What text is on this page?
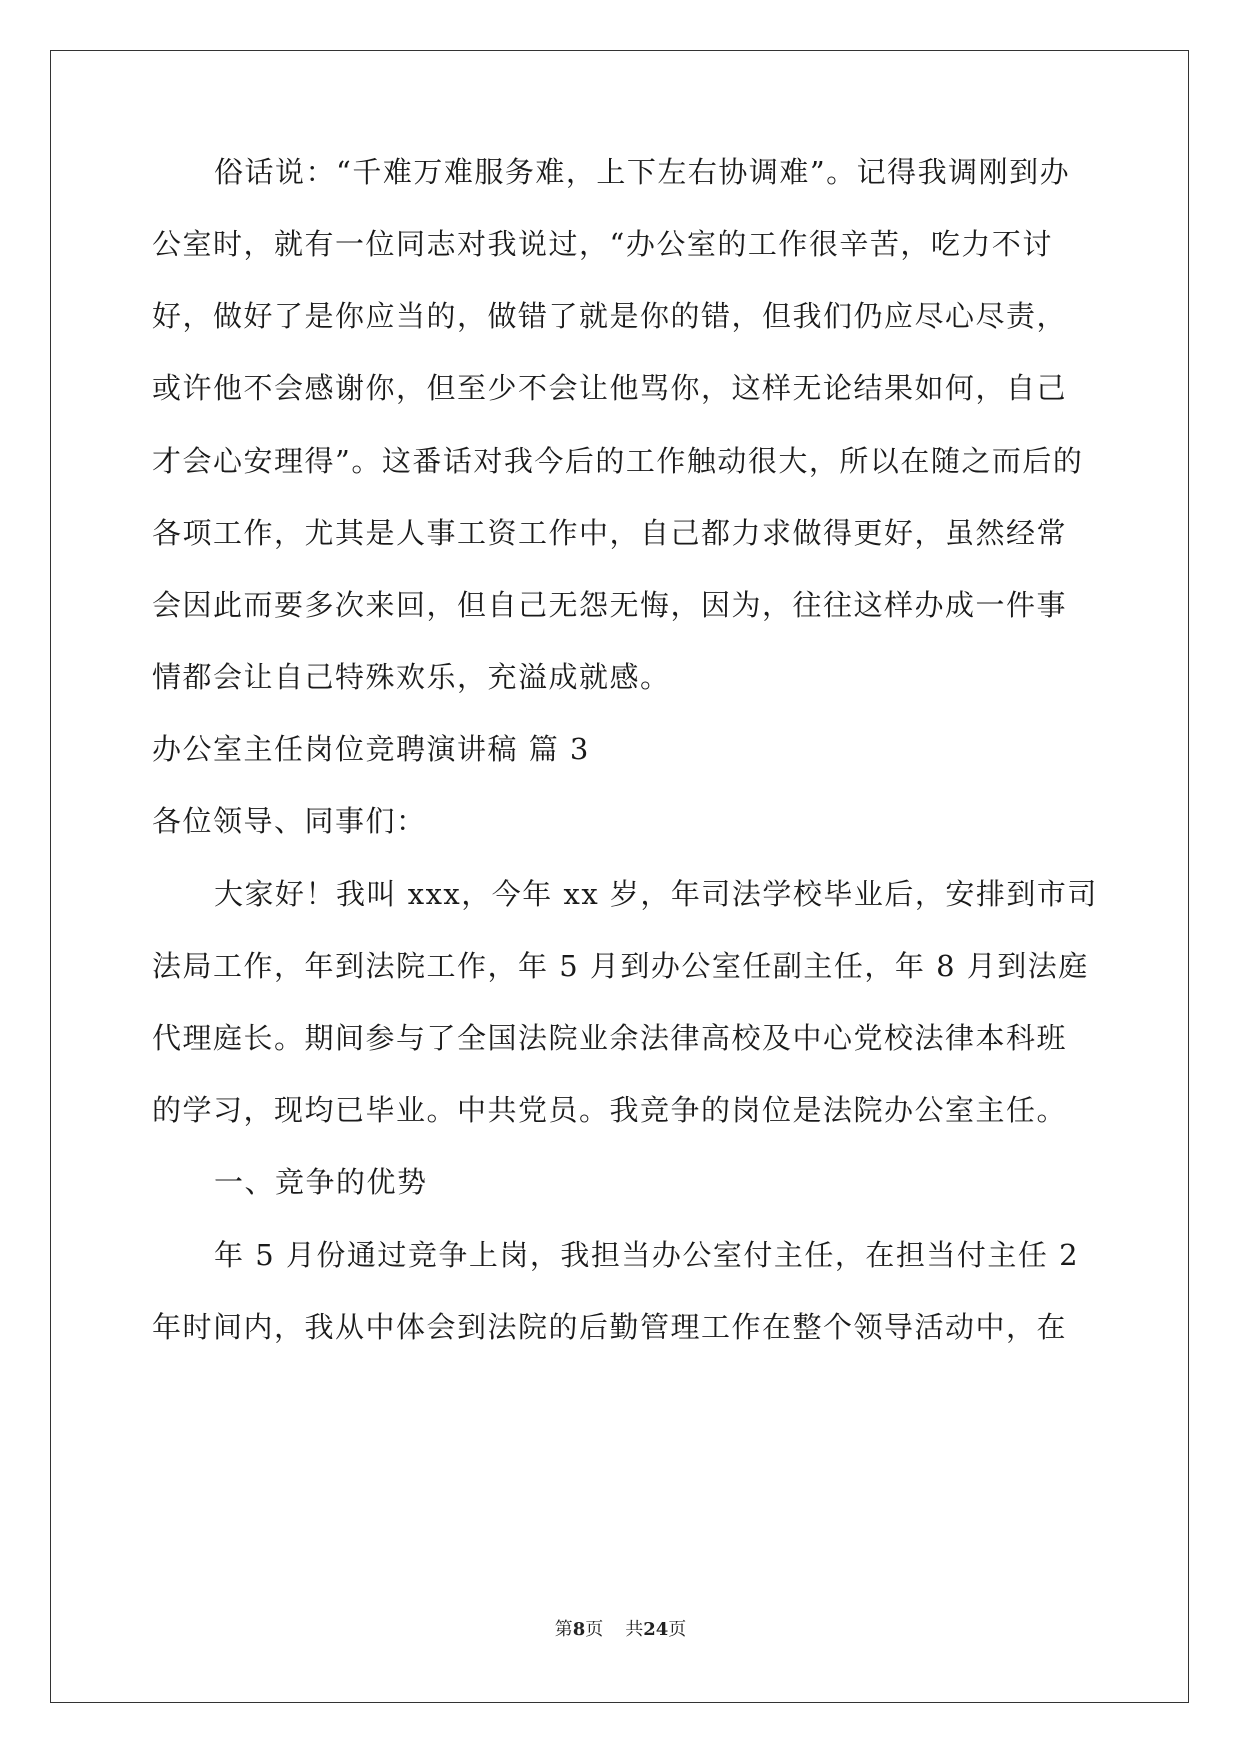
俗话说：“千难万难服务难，上下左右协调难”。记得我调刚到办
公室时，就有一位同志对我说过，“办公室的工作很辛苦，吃力不讨
好，做好了是你应当的，做错了就是你的错，但我们仍应尽心尽责，
或许他不会感谢你，但至少不会让他骂你，这样无论结果如何，自己
才会心安理得”。这番话对我今后的工作触动很大，所以在随之而后的
各项工作，尤其是人事工资工作中，自己都力求做得更好，虽然经常
会因此而要多次来回，但自己无怨无悔，因为，往往这样办成一件事
情都会让自己特殊欢乐，充溢成就感。
办公室主任岗位竞聘演讲稿 篇 3
各位领导、同事们：
大家好！我叫 xxx，今年 xx 岁，年司法学校毕业后，安排到市司
法局工作，年到法院工作，年 5 月到办公室任副主任，年 8 月到法庭
代理庭长。期间参与了全国法院业余法律高校及中心党校法律本科班
的学习，现均已毕业。中共党员。我竞争的岗位是法院办公室主任。
一、竞争的优势
年 5 月份通过竞争上岗，我担当办公室付主任，在担当付主任 2
年时间内，我从中体会到法院的后勤管理工作在整个领导活动中，在
第8页 共24页
